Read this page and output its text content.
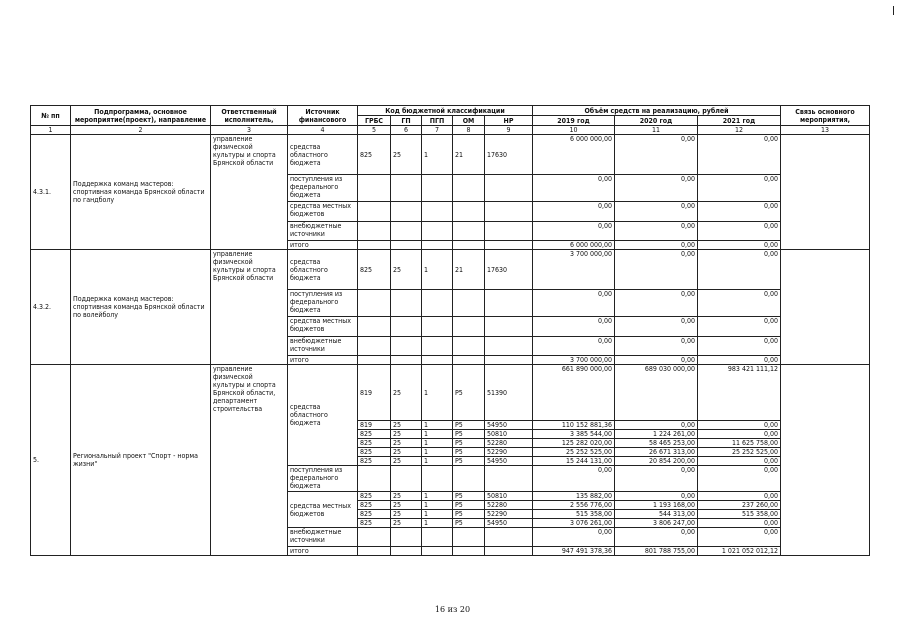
№ пп	Подпрограмма, основное мероприятие(проект), направление	Ответственный исполнитель,	Источник финансового	Код бюджетной классификации					Объём средств на реализацию, рублей			Связь основного мероприятия,	
				ГРБС	ГП	ПГП	ОМ	НР	2019 год	2020 год	2021 год		
1	2	3	4	5	6	7	8	9	10	11	12	13	
4.3.1.	Поддержка команд мастеров: спортивная команда Брянской области по гандболу	управление физической культуры и спорта Брянской области	средства областного бюджета	825	25	1	21	17630	6 000 000,00	0,00	0,00		
			поступления из федерального бюджета						0,00	0,00	0,00		
			средства местных бюджетов						0,00	0,00	0,00		
			внебюджетные источники						0,00	0,00	0,00		
			итого						6 000 000,00	0,00	0,00		
4.3.2.	Поддержка команд мастеров: спортивная команда Брянской области по волейболу	управление физической культуры и спорта Брянской области	средства областного бюджета	825	25	1	21	17630	3 700 000,00	0,00	0,00		
			поступления из федерального бюджета						0,00	0,00	0,00		
			средства местных бюджетов						0,00	0,00	0,00		
			внебюджетные источники						0,00	0,00	0,00		
			итого						3 700 000,00	0,00	0,00		
5.	Региональный проект "Спорт - норма жизни"	управление физической культуры и спорта Брянской области, департамент строительства	средства областного бюджета	819	25	1	P5	51390	661 890 000,00	689 030 000,00	983 421 111,12		
				819	25	1	P5	54950	110 152 881,36	0,00	0,00		
				825	25	1	P5	50810	3 385 544,00	1 224 261,00	0,00		
				825	25	1	P5	52280	125 282 020,00	58 465 253,00	11 625 758,00		
				825	25	1	P5	52290	25 252 525,00	26 671 313,00	25 252 525,00		
				825	25	1	P5	54950	15 244 131,00	20 854 200,00	0,00		
			поступления из федерального бюджета						0,00	0,00	0,00		
			средства местных бюджетов	825	25	1	P5	50810	135 882,00	0,00	0,00		
				825	25	1	P5	52280	2 556 776,00	1 193 168,00	237 260,00		
				825	25	1	P5	52290	515 358,00	544 313,00	515 358,00		
				825	25	1	P5	54950	3 076 261,00	3 806 247,00	0,00		
			внебюджетные источники						0,00	0,00	0,00		
			итого						947 491 378,36	801 788 755,00	1 021 052 012,12	
16 из 20
